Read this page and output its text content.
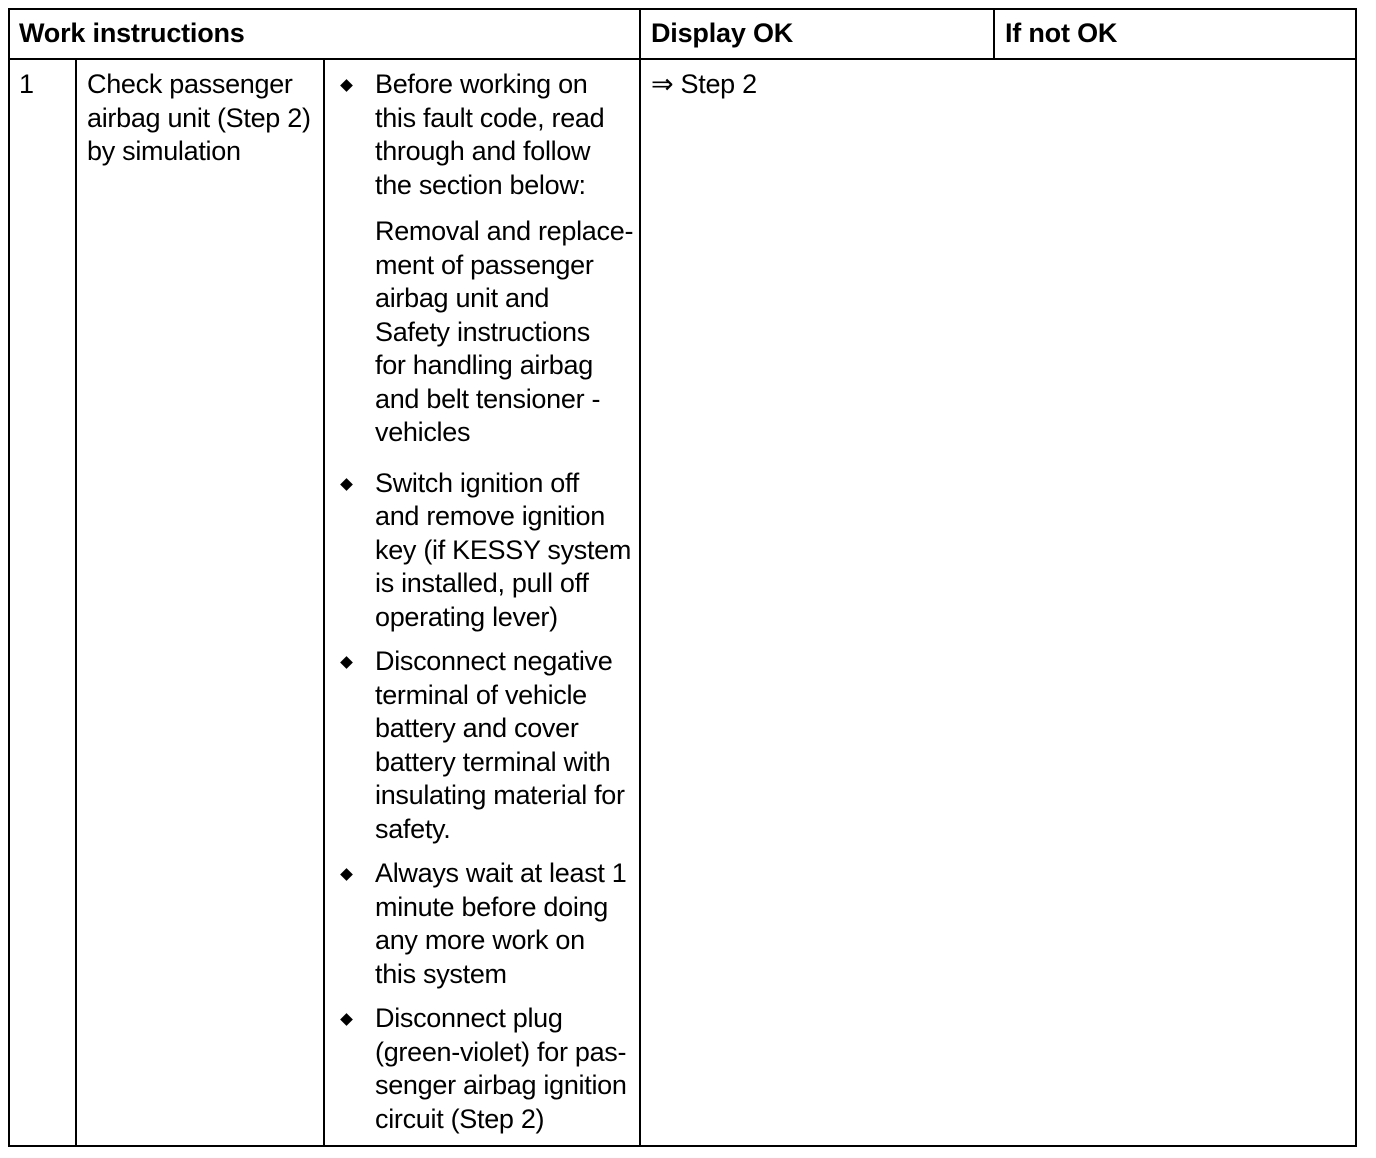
Work instructions	Display OK	If not OK
1 Check passenger
airbag unit (Step 2)
by simulation
⇒ Step 2
Before working on
this fault code, read
through and follow
the section below:
Removal and replace-
ment of passenger
airbag unit and
Safety instructions
for handling airbag
and belt tensioner -
vehicles
Switch ignition off
and remove ignition
key (if KESSY system
is installed, pull off
operating lever)
Disconnect negative
terminal of vehicle
battery and cover
battery terminal with
insulating material for
safety.
Always wait at least 1
minute before doing
any more work on
this system
Disconnect plug
(green-violet) for pas-
senger airbag ignition
circuit (Step 2)
